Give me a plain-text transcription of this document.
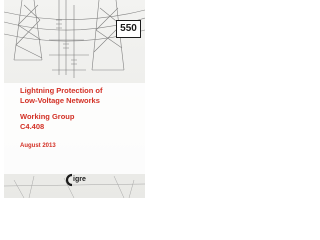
550
Lightning Protection of
Low-Voltage Networks
Working Group
C4.408
August 2013
igre
